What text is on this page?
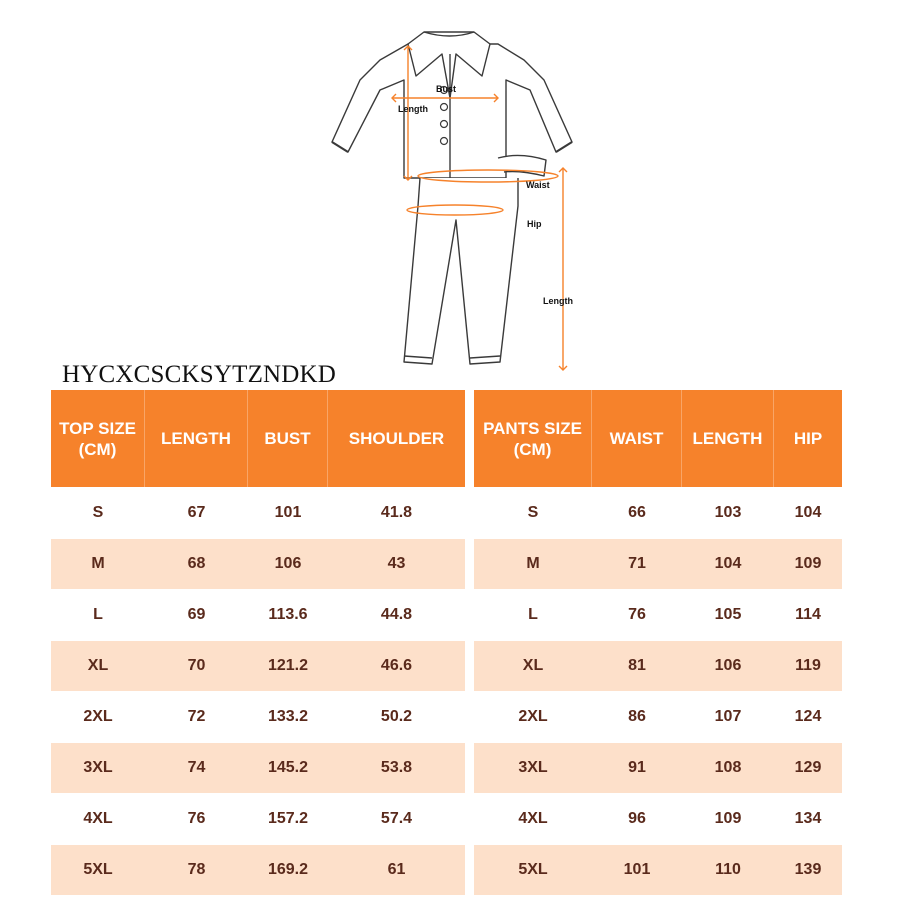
Bust
Length
Waist
Hip
Length
HYCXCSCKSYTZNDKD
TOP SIZE (CM)	LENGTH	BUST	SHOULDER
S	67	101	41.8
M	68	106	43
L	69	113.6	44.8
XL	70	121.2	46.6
2XL	72	133.2	50.2
3XL	74	145.2	53.8
4XL	76	157.2	57.4
5XL	78	169.2	61
PANTS SIZE (CM)	WAIST	LENGTH	HIP
S	66	103	104
M	71	104	109
L	76	105	114
XL	81	106	119
2XL	86	107	124
3XL	91	108	129
4XL	96	109	134
5XL	101	110	139
